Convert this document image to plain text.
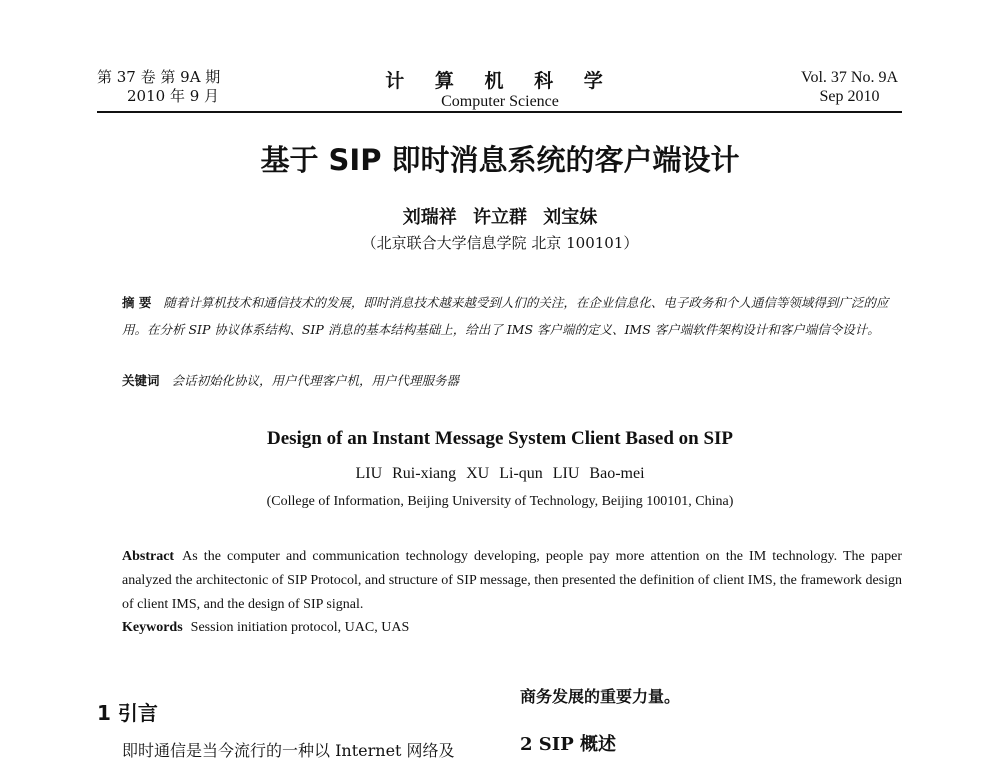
第 37 卷 第 9A 期
2010 年 9 月
计 算 机 科 学
Computer Science
Vol. 37 No. 9A
Sep 2010
基于 SIP 即时消息系统的客户端设计
刘瑞祥 许立群 刘宝妹
（北京联合大学信息学院 北京 100101）
摘 要 随着计算机技术和通信技术的发展，即时消息技术越来越受到人们的关注，在企业信息化、电子政务和个人通信等领域得到广泛的应用。在分析 SIP 协议体系结构、SIP 消息的基本结构基础上，给出了 IMS 客户端的定义、IMS 客户端软件架构设计和客户端信令设计。
关键词 会话初始化协议，用户代理客户机，用户代理服务器
Design of an Instant Message System Client Based on SIP
LIU Rui-xiang XU Li-qun LIU Bao-mei
(College of Information, Beijing University of Technology, Beijing 100101, China)
Abstract As the computer and communication technology developing, people pay more attention on the IM technology. The paper analyzed the architectonic of SIP Protocol, and structure of SIP message, then presented the definition of client IMS, the framework design of client IMS, and the design of SIP signal.
Keywords Session initiation protocol, UAC, UAS
1 引言
即时通信是当今流行的一种以 Internet 网络及
商务发展的重要力量。
2 SIP 概述
